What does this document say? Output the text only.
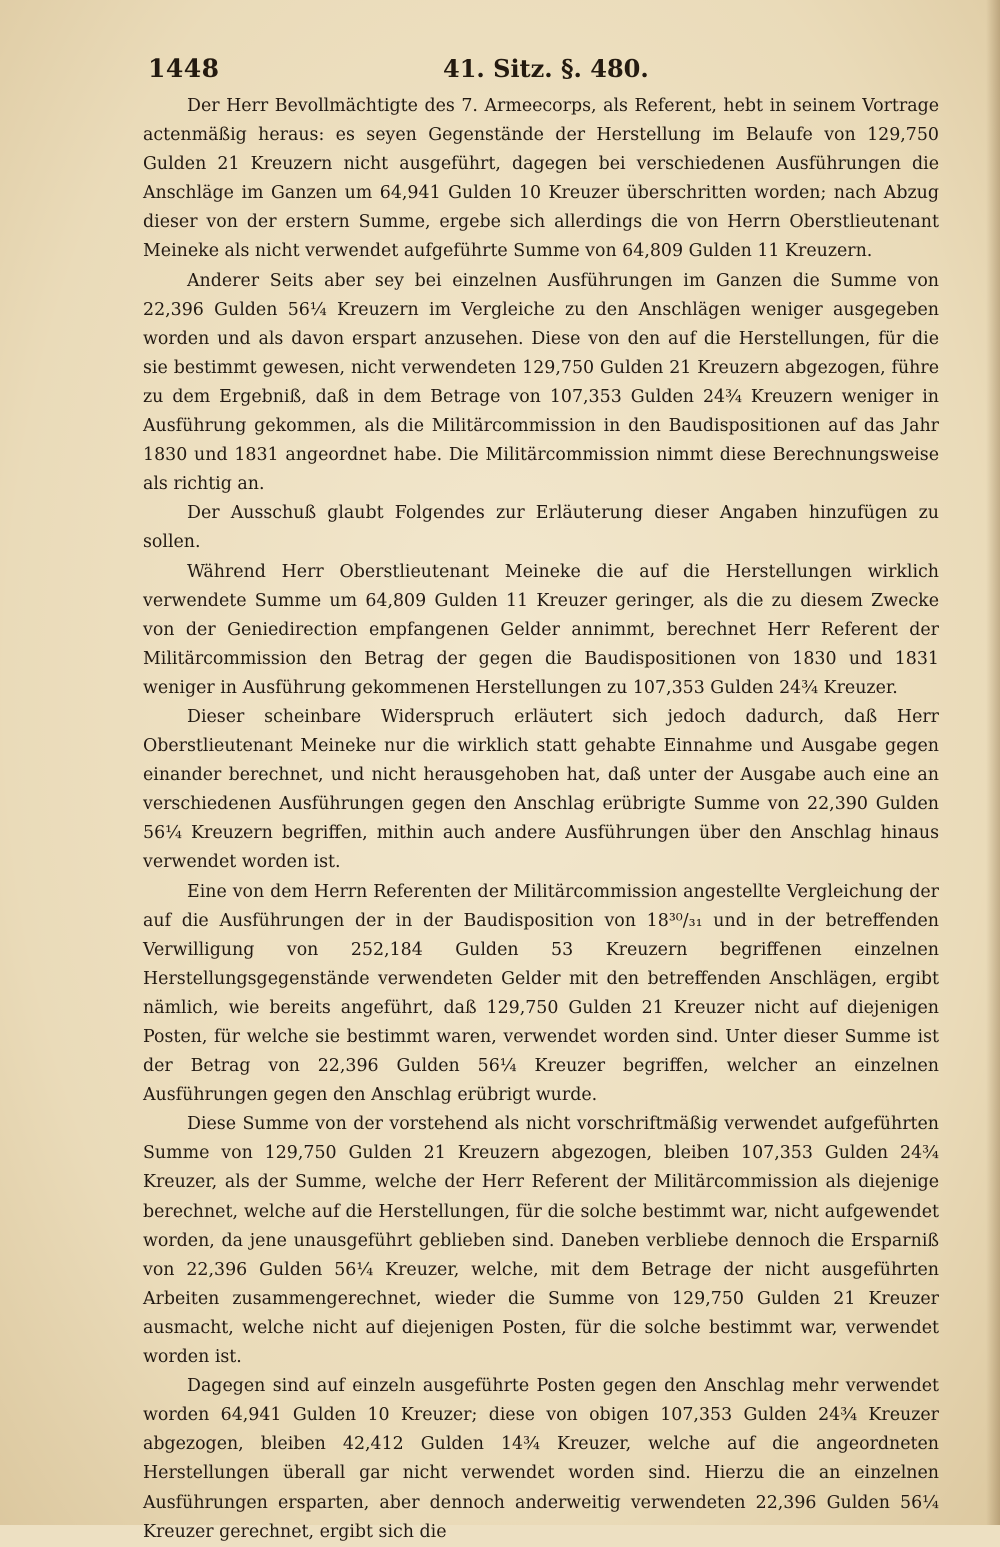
1448	41. Sitz. §. 480.

Der Herr Bevollmächtigte des 7. Armeecorps, als Referent, hebt in seinem Vortrage actenmäßig heraus: es seyen Gegenstände der Herstellung im Belaufe von 129,750 Gulden 21 Kreuzern nicht ausgeführt, dagegen bei verschiedenen Ausführungen die Anschläge im Ganzen um 64,941 Gulden 10 Kreuzer überschritten worden; nach Abzug dieser von der erstern Summe, ergebe sich allerdings die von Herrn Oberstlieutenant Meineke als nicht verwendet aufgeführte Summe von 64,809 Gulden 11 Kreuzern.

Anderer Seits aber sey bei einzelnen Ausführungen im Ganzen die Summe von 22,396 Gulden 56¼ Kreuzern im Vergleiche zu den Anschlägen weniger ausgegeben worden und als davon erspart anzusehen. Diese von den auf die Herstellungen, für die sie bestimmt gewesen, nicht verwendeten 129,750 Gulden 21 Kreuzern abgezogen, führe zu dem Ergebniß, daß in dem Betrage von 107,353 Gulden 24¾ Kreuzern weniger in Ausführung gekommen, als die Militärcommission in den Baudispositionen auf das Jahr 1830 und 1831 angeordnet habe. Die Militärcommission nimmt diese Berechnungsweise als richtig an.

Der Ausschuß glaubt Folgendes zur Erläuterung dieser Angaben hinzufügen zu sollen.

Während Herr Oberstlieutenant Meineke die auf die Herstellungen wirklich verwendete Summe um 64,809 Gulden 11 Kreuzer geringer, als die zu diesem Zwecke von der Geniedirection empfangenen Gelder annimmt, berechnet Herr Referent der Militärcommission den Betrag der gegen die Baudispositionen von 1830 und 1831 weniger in Ausführung gekommenen Herstellungen zu 107,353 Gulden 24¾ Kreuzer.

Dieser scheinbare Widerspruch erläutert sich jedoch dadurch, daß Herr Oberstlieutenant Meineke nur die wirklich statt gehabte Einnahme und Ausgabe gegen einander berechnet, und nicht herausgehoben hat, daß unter der Ausgabe auch eine an verschiedenen Ausführungen gegen den Anschlag erübrigte Summe von 22,390 Gulden 56¼ Kreuzern begriffen, mithin auch andere Ausführungen über den Anschlag hinaus verwendet worden ist.

Eine von dem Herrn Referenten der Militärcommission angestellte Vergleichung der auf die Ausführungen der in der Baudisposition von 18³⁰/₃₁ und in der betreffenden Verwilligung von 252,184 Gulden 53 Kreuzern begriffenen einzelnen Herstellungsgegenstände verwendeten Gelder mit den betreffenden Anschlägen, ergibt nämlich, wie bereits angeführt, daß 129,750 Gulden 21 Kreuzer nicht auf diejenigen Posten, für welche sie bestimmt waren, verwendet worden sind. Unter dieser Summe ist der Betrag von 22,396 Gulden 56¼ Kreuzer begriffen, welcher an einzelnen Ausführungen gegen den Anschlag erübrigt wurde.

Diese Summe von der vorstehend als nicht vorschriftmäßig verwendet aufgeführten Summe von 129,750 Gulden 21 Kreuzern abgezogen, bleiben 107,353 Gulden 24¾ Kreuzer, als der Summe, welche der Herr Referent der Militärcommission als diejenige berechnet, welche auf die Herstellungen, für die solche bestimmt war, nicht aufgewendet worden, da jene unausgeführt geblieben sind. Daneben verbliebe dennoch die Ersparniß von 22,396 Gulden 56¼ Kreuzer, welche, mit dem Betrage der nicht ausgeführten Arbeiten zusammengerechnet, wieder die Summe von 129,750 Gulden 21 Kreuzer ausmacht, welche nicht auf diejenigen Posten, für die solche bestimmt war, verwendet worden ist.

Dagegen sind auf einzeln ausgeführte Posten gegen den Anschlag mehr verwendet worden 64,941 Gulden 10 Kreuzer; diese von obigen 107,353 Gulden 24¾ Kreuzer abgezogen, bleiben 42,412 Gulden 14¾ Kreuzer, welche auf die angeordneten Herstellungen überall gar nicht verwendet worden sind. Hierzu die an einzelnen Ausführungen ersparten, aber dennoch anderweitig verwendeten 22,396 Gulden 56¼ Kreuzer gerechnet, ergibt sich die
